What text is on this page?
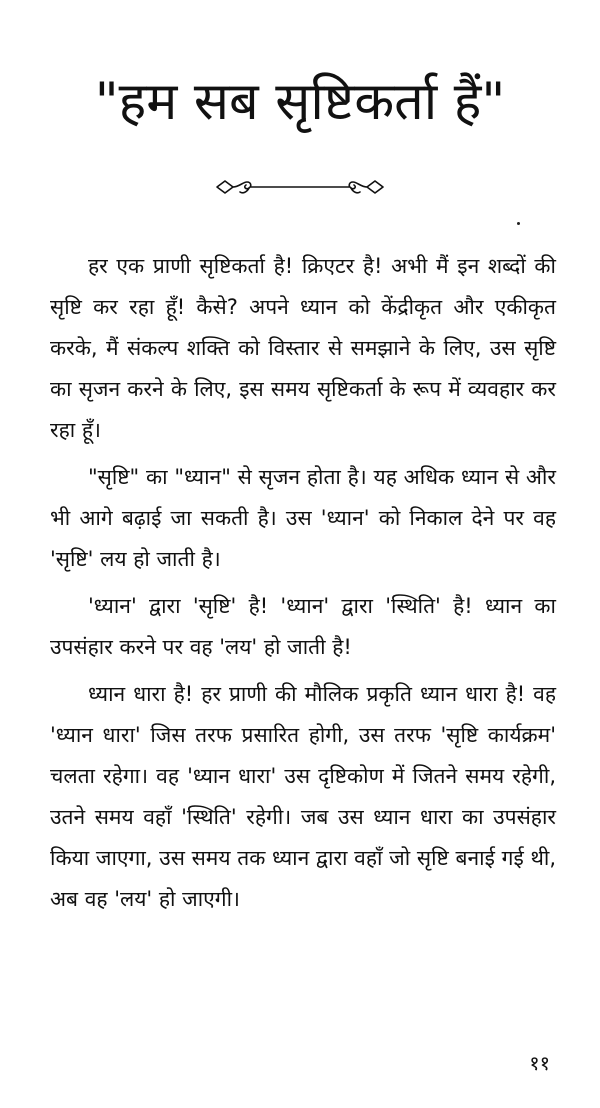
"हम सब सृष्टिकर्ता हैं"

हर एक प्राणी सृष्टिकर्ता है! क्रिएटर है! अभी मैं इन शब्दों की सृष्टि कर रहा हूँ! कैसे? अपने ध्यान को केंद्रीकृत और एकीकृत करके, मैं संकल्प शक्ति को विस्तार से समझाने के लिए, उस सृष्टि का सृजन करने के लिए, इस समय सृष्टिकर्ता के रूप में व्यवहार कर रहा हूँ।

"सृष्टि" का "ध्यान" से सृजन होता है। यह अधिक ध्यान से और भी आगे बढ़ाई जा सकती है। उस 'ध्यान' को निकाल देने पर वह 'सृष्टि' लय हो जाती है।

'ध्यान' द्वारा 'सृष्टि' है! 'ध्यान' द्वारा 'स्थिति' है! ध्यान का उपसंहार करने पर वह 'लय' हो जाती है!

ध्यान धारा है! हर प्राणी की मौलिक प्रकृति ध्यान धारा है! वह 'ध्यान धारा' जिस तरफ प्रसारित होगी, उस तरफ 'सृष्टि कार्यक्रम' चलता रहेगा। वह 'ध्यान धारा' उस दृष्टिकोण में जितने समय रहेगी, उतने समय वहाँ 'स्थिति' रहेगी। जब उस ध्यान धारा का उपसंहार किया जाएगा, उस समय तक ध्यान द्वारा वहाँ जो सृष्टि बनाई गई थी, अब वह 'लय' हो जाएगी।

११
